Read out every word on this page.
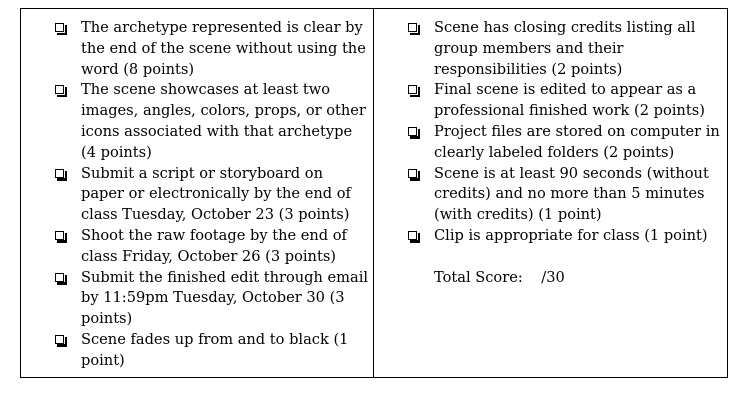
The archetype represented is clear by the end of the scene without using the word (8 points)
The scene showcases at least two images, angles, colors, props, or other icons associated with that archetype (4 points)
Submit a script or storyboard on paper or electronically by the end of class Tuesday, October 23 (3 points)
Shoot the raw footage by the end of class Friday, October 26 (3 points)
Submit the finished edit through email by 11:59pm Tuesday, October 30 (3 points)
Scene fades up from and to black (1 point)
Scene has closing credits listing all group members and their responsibilities (2 points)
Final scene is edited to appear as a professional finished work (2 points)
Project files are stored on computer in clearly labeled folders (2 points)
Scene is at least 90 seconds (without credits) and no more than 5 minutes (with credits) (1 point)
Clip is appropriate for class (1 point)
Total Score:    /30
